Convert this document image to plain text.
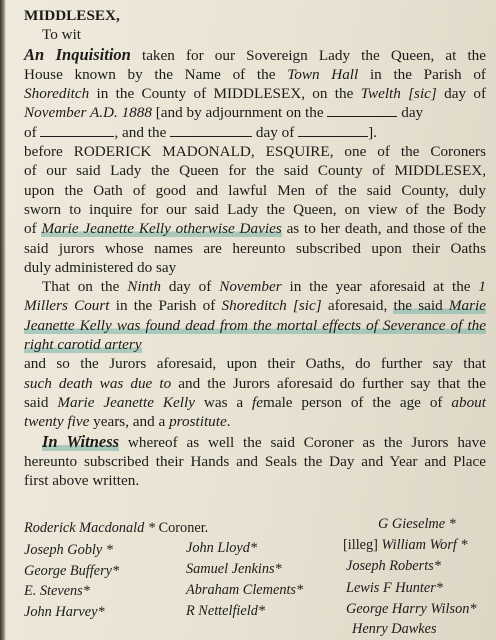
MIDDLESEX,

To wit

An Inquisition taken for our Sovereign Lady the Queen, at the

House known by the Name of the Town Hall in the Parish of

Shoreditch in the County of MIDDLESEX, on the Twelth [sic] day of

November A.D. 1888 [and by adjournment on the	day

of	, and the	day of	].

before RODERICK MADONALD, ESQUIRE, one of the Coroners

of our said Lady the Queen for the said County of MIDDLESEX,

upon the Oath of good and lawful Men of the said County, duly

sworn to inquire for our said Lady the Queen, on view of the Body

of Marie Jeanette Kelly otherwise Davies as to her death, and those of the

said jurors whose names are hereunto subscribed upon their Oaths

duly administered do say

That on the Ninth day of November in the year aforesaid at the 1

Millers Court in the Parish of Shoreditch [sic] aforesaid, the said Marie

Jeanette Kelly was found dead from the mortal effects of Severance of the

right carotid artery

and so the Jurors aforesaid, upon their Oaths, do further say that

such death was due to and the Jurors aforesaid do further say that the

said Marie Jeanette Kelly was a female person of the age of about

twenty five years, and a prostitute.

In Witness whereof as well the said Coroner as the Jurors have

hereunto subscribed their Hands and Seals the Day and Year and Place

first above written.

Roderick Macdonald * Coroner.	G Gieselme *
Joseph Gobly *	John Lloyd*	[illeg] William Worf *
George Buffery*	Samuel Jenkins*	Joseph Roberts*
E. Stevens*	Abraham Clements*	Lewis F Hunter*
John Harvey*	R Nettelfield*	George Harry Wilson*
Henry Dawkes
